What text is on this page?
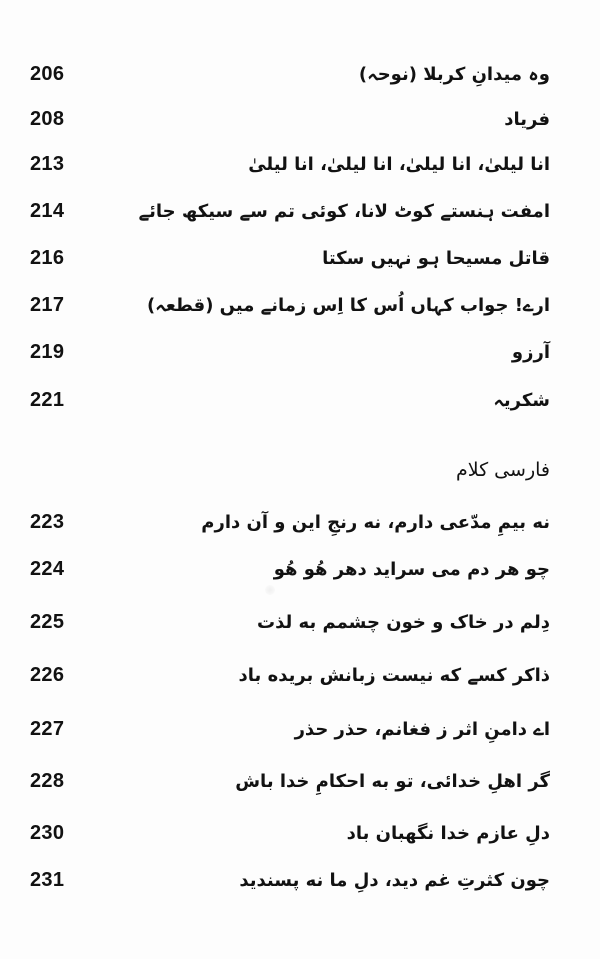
206	وہ میدانِ کربلا (نوحہ)
208	فریاد
213	انا لیلیٰ، انا لیلیٰ، انا لیلیٰ، انا لیلیٰ
214	امفت ہنستے کوٹ لانا، کوئی تم سے سیکھ جائے
216	قاتل مسیحا ہو نہیں سکتا
217	ارے! جواب کہاں اُس کا اِس زمانے میں (قطعہ)
219	آرزو
221	شکریہ
فارسی کلام
223	نه بیمِ مدّعی دارم، نه رنجِ این و آن دارم
224	چو هر دم می سراید دهر هُو هُو
225	دِلم در خاک و خون چشمم به لذت
226	ذاکر کسے که نیست زبانش بریده باد
227	اے دامنِ اثر ز فغانم، حذر حذر
228	گر اهلِ خدائی، تو به احکامِ خدا باش
230	دلِ عازم خدا نگهبان باد
231	چون کثرتِ غم دید، دلِ ما نه پسندید
